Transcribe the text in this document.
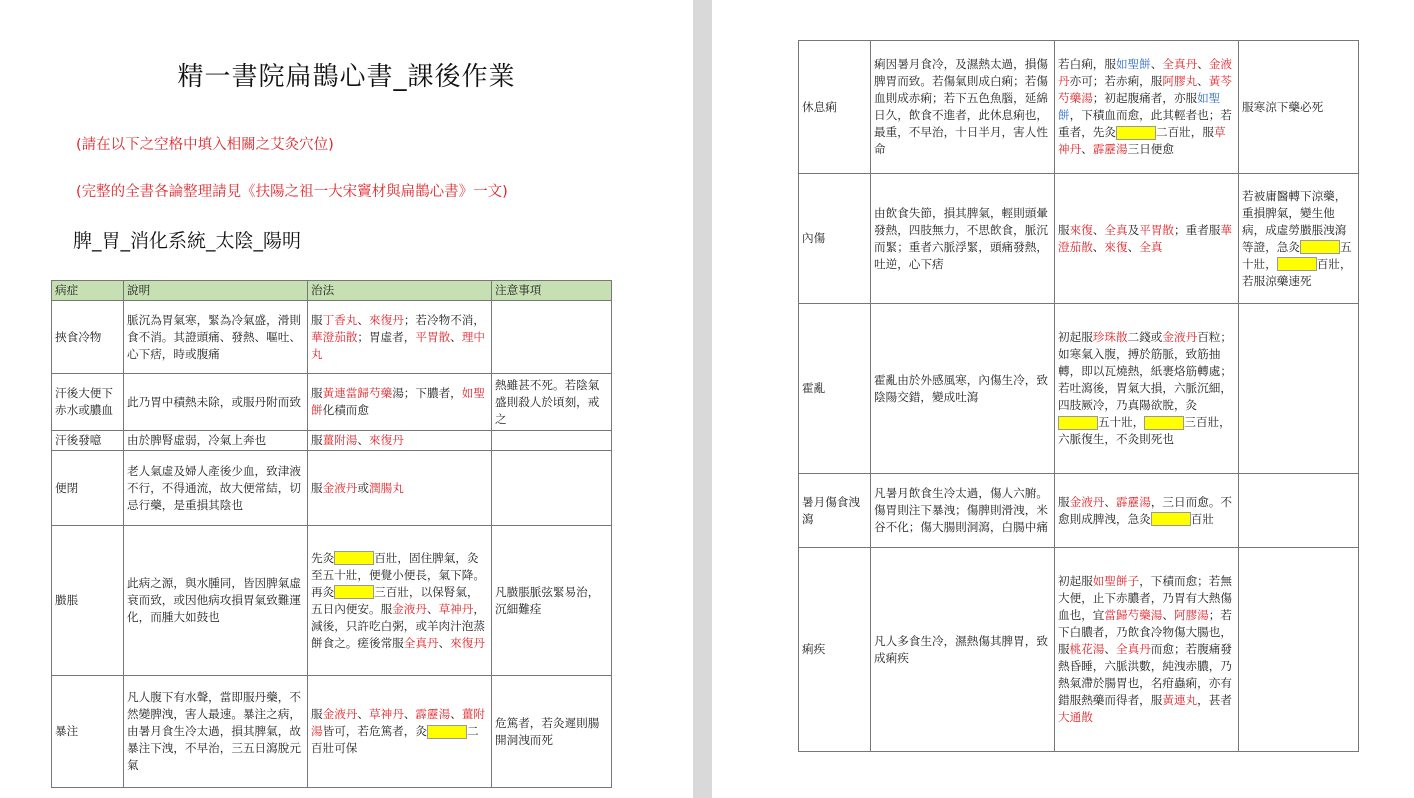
精一書院扁鵲心書_課後作業
(請在以下之空格中填入相關之艾灸穴位)
(完整的全書各論整理請見《扶陽之祖一大宋竇材與扁鵲心書》一文)
脾_胃_消化系統_太陰_陽明
病症	說明	治法	注意事項
挾食冷物	脈沉為胃氣寒，緊為冷氣盛，滑則食不消。其證頭痛、發熱、嘔吐、心下痞，時或腹痛	服丁香丸、來復丹；若冷物不消，華澄茄散；胃虛者，平胃散、理中丸	
汗後大便下赤水或膿血	此乃胃中積熱未除，或服丹附而致	服黃連當歸芍藥湯；下膿者，如聖餅化積而愈	熱雖甚不死。若陰氣盛則殺人於頃刻，戒之
汗後發噫	由於脾腎虛弱，冷氣上奔也	服薑附湯、來復丹	
便閉	老人氣虛及婦人產後少血，致津液不行，不得通流，故大便常結，切忌行藥，是重損其陰也	服金液丹或潤腸丸	
臌脹	此病之源，與水腫同，皆因脾氣虛衰而致，或因他病攻損胃氣致難運化，而腫大如鼓也	先灸 百壯，固住脾氣，灸至五十壯，便覺小便長，氣下降。再灸 三百壯，以保腎氣，五日內便安。服金液丹、草神丹，減後，只許吃白粥，或羊肉汁泡蒸餅食之。瘥後常服全真丹、來復丹	凡臌脹脈弦緊易治，沉細難痊
暴注	凡人腹下有水聲，當即服丹藥，不然變脾洩，害人最速。暴注之病，由暑月食生冷太過，損其脾氣，故暴注下洩，不早治，三五日瀉脫元氣	服金液丹、草神丹、霹靂湯、薑附湯皆可，若危篤者，灸 二百壯可保	危篤者，若灸遲則腸開洞洩而死
休息痢	痢因暑月食冷，及濕熱太過，損傷脾胃而致。若傷氣則成白痢；若傷血則成赤痢；若下五色魚腦，延綿日久，飲食不進者，此休息痢也，最重，不早治，十日半月，害人性命	若白痢，服如聖餅、全真丹、金液丹亦可；若赤痢，服阿膠丸、黃芩芍藥湯；初起腹痛者，亦服如聖餅，下積血而愈，此其輕者也；若重者，先灸 二百壯，服草神丹、霹靂湯三日便愈	服寒涼下藥必死
內傷	由飲食失節，損其脾氣，輕則頭暈發熱，四肢無力，不思飲食，脈沉而緊；重者六脈浮緊，頭痛發熱，吐逆，心下痞	服來復、全真及平胃散；重者服華澄茄散、來復、全真	若被庸醫轉下涼藥，重損脾氣，變生他病，成虛勞臌脹洩瀉等證，急灸 五十壯， 百壯，若服涼藥速死
霍亂	霍亂由於外感風寒，內傷生冷，致陰陽交錯，變成吐瀉	初起服珍珠散二錢或金液丹百粒；如寒氣入腹，搏於筋脈，致筋抽轉，即以瓦燒熱，紙裹烙筋轉處；若吐瀉後，胃氣大損，六脈沉細，四肢厥冷，乃真陽欲脫，灸五十壯， 三百壯，六脈復生，不灸則死也	
暑月傷食洩瀉	凡暑月飲食生冷太過，傷人六腑。傷胃則注下暴洩；傷脾則滑洩，米谷不化；傷大腸則洞瀉，白腸中痛	服金液丹、霹靂湯，三日而愈。不愈則成脾洩，急灸 百壯	
痢疾	凡人多食生冷，濕熱傷其脾胃，致成痢疾	初起服如聖餅子，下積而愈；若無大便，止下赤膿者，乃胃有大熱傷血也，宜當歸芍藥湯、阿膠湯；若下白膿者，乃飲食冷物傷大腸也，服桃花湯、全真丹而愈；若腹痛發熱昏睡，六脈洪數，純洩赤膿，乃熱氣滯於腸胃也，名疳蟲痢，亦有錯服熱藥而得者，服黃連丸，甚者大通散	
